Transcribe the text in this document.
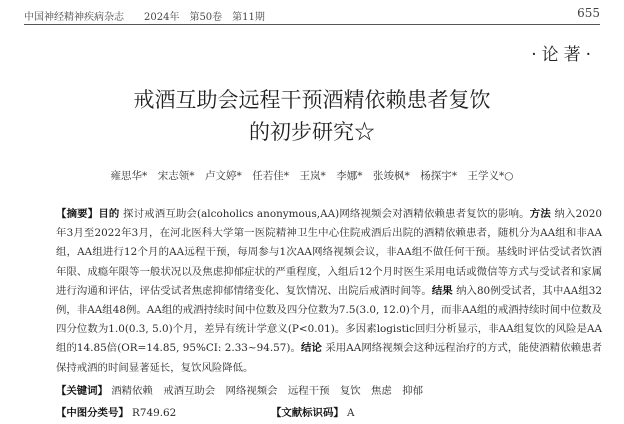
中国神经精神疾病杂志　　2024年　第50卷　第11期	655
·论著·
戒酒互助会远程干预酒精依赖患者复饮
的初步研究☆
雍思华*　宋志领*　卢文婷*　任若佳*　王岚*　李娜*　张竣枫*　杨探宇*　王学义*○
【摘要】目的 探讨戒酒互助会(alcoholics anonymous,AA)网络视频会对酒精依赖患者复饮的影响。方法 纳入2020年3月至2022年3月，在河北医科大学第一医院精神卫生中心住院戒酒后出院的酒精依赖患者，随机分为AA组和非AA组，AA组进行12个月的AA远程干预，每周参与1次AA网络视频会议，非AA组不做任何干预。基线时评估受试者饮酒年限、成瘾年限等一般状况以及焦虑抑郁症状的严重程度，入组后12个月时医生采用电话或微信等方式与受试者和家属进行沟通和评估，评估受试者焦虑抑郁情绪变化、复饮情况、出院后戒酒时间等。结果 纳入80例受试者，其中AA组32例，非AA组48例。AA组的戒酒持续时间中位数及四分位数为7.5(3.0, 12.0)个月，而非AA组的戒酒持续时间中位数及四分位数为1.0(0.3, 5.0)个月，差异有统计学意义(P<0.01)。多因素logistic回归分析显示，非AA组复饮的风险是AA组的14.85倍(OR=14.85, 95%CI: 2.33~94.57)。结论 采用AA网络视频会这种远程治疗的方式，能使酒精依赖患者保持戒酒的时间显著延长，复饮风险降低。
【关键词】 酒精依赖　戒酒互助会　网络视频会　远程干预　复饮　焦虑　抑郁
【中图分类号】 R749.62	【文献标识码】 A
